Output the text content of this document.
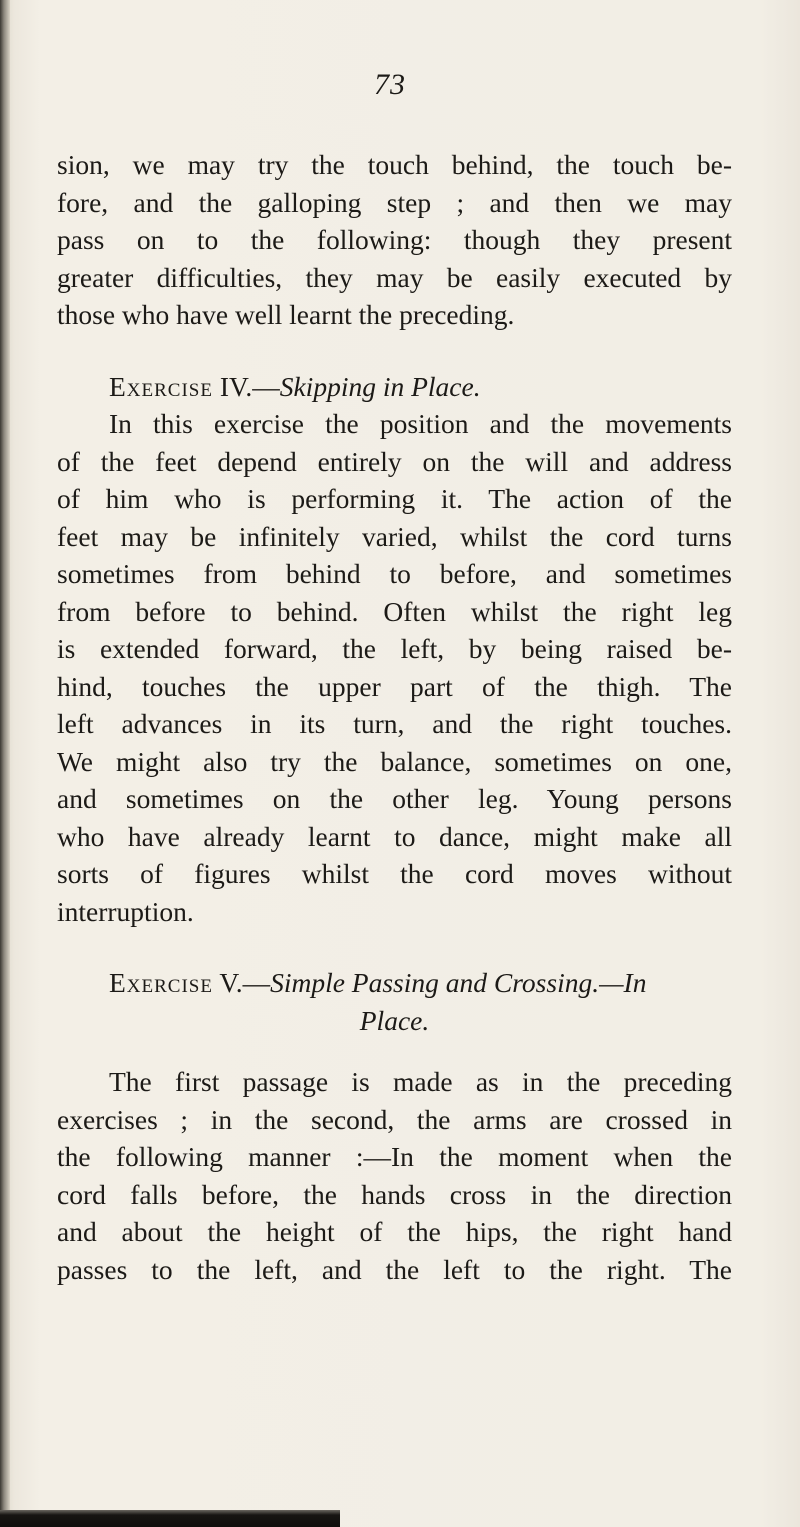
73
sion, we may try the touch behind, the touch be-
fore, and the galloping step ; and then we may
pass on to the following: though they present
greater difficulties, they may be easily executed by
those who have well learnt the preceding.
Exercise IV.—Skipping in Place.
In this exercise the position and the movements
of the feet depend entirely on the will and address
of him who is performing it. The action of the
feet may be infinitely varied, whilst the cord turns
sometimes from behind to before, and sometimes
from before to behind. Often whilst the right leg
is extended forward, the left, by being raised be-
hind, touches the upper part of the thigh. The
left advances in its turn, and the right touches.
We might also try the balance, sometimes on one,
and sometimes on the other leg. Young persons
who have already learnt to dance, might make all
sorts of figures whilst the cord moves without
interruption.
Exercise V.—Simple Passing and Crossing.—In
Place.
The first passage is made as in the preceding
exercises ; in the second, the arms are crossed in
the following manner :—In the moment when the
cord falls before, the hands cross in the direction
and about the height of the hips, the right hand
passes to the left, and the left to the right. The
